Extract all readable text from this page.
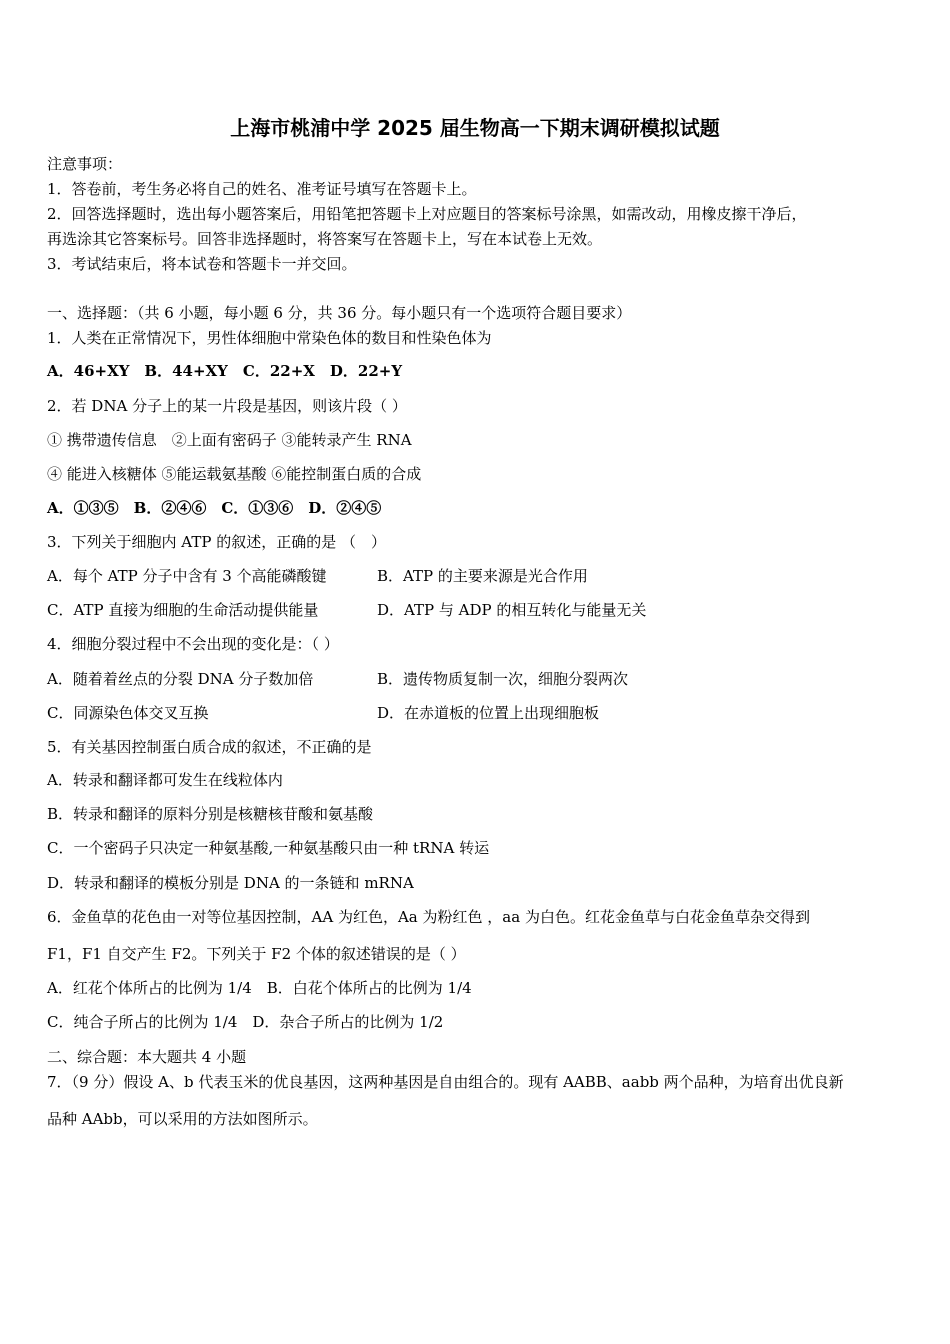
上海市桃浦中学 2025 届生物高一下期末调研模拟试题
注意事项：
1．答卷前，考生务必将自己的姓名、准考证号填写在答题卡上。
2．回答选择题时，选出每小题答案后，用铅笔把答题卡上对应题目的答案标号涂黑，如需改动，用橡皮擦干净后，
再选涂其它答案标号。回答非选择题时，将答案写在答题卡上，写在本试卷上无效。
3．考试结束后，将本试卷和答题卡一并交回。
一、选择题：（共 6 小题，每小题 6 分，共 36 分。每小题只有一个选项符合题目要求）
1．人类在正常情况下，男性体细胞中常染色体的数目和性染色体为
A．46+XY　B．44+XY　C．22+X　D．22+Y
2．若 DNA 分子上的某一片段是基因，则该片段（ ）
① 携带遗传信息　②上面有密码子 ③能转录产生 RNA
④ 能进入核糖体 ⑤能运载氨基酸 ⑥能控制蛋白质的合成
A．①③⑤　B．②④⑥　C．①③⑥　D．②④⑤
3．下列关于细胞内 ATP 的叙述，正确的是 （　）
A．每个 ATP 分子中含有 3 个高能磷酸键	B．ATP 的主要来源是光合作用
C．ATP 直接为细胞的生命活动提供能量	D．ATP 与 ADP 的相互转化与能量无关
4．细胞分裂过程中不会出现的变化是：（ ）
A．随着着丝点的分裂 DNA 分子数加倍	B．遗传物质复制一次，细胞分裂两次
C．同源染色体交叉互换	D．在赤道板的位置上出现细胞板
5．有关基因控制蛋白质合成的叙述，不正确的是
A．转录和翻译都可发生在线粒体内
B．转录和翻译的原料分别是核糖核苷酸和氨基酸
C．一个密码子只决定一种氨基酸,一种氨基酸只由一种 tRNA 转运
D．转录和翻译的模板分别是 DNA 的一条链和 mRNA
6．金鱼草的花色由一对等位基因控制，AA 为红色，Aa 为粉红色 ，aa 为白色。红花金鱼草与白花金鱼草杂交得到
F1，F1 自交产生 F2。下列关于 F2 个体的叙述错误的是（ ）
A．红花个体所占的比例为 1/4　B．白花个体所占的比例为 1/4
C．纯合子所占的比例为 1/4　D．杂合子所占的比例为 1/2
二、综合题：本大题共 4 小题
7．（9 分）假设 A、b 代表玉米的优良基因，这两种基因是自由组合的。现有 AABB、aabb 两个品种，为培育出优良新
品种 AAbb，可以采用的方法如图所示。
